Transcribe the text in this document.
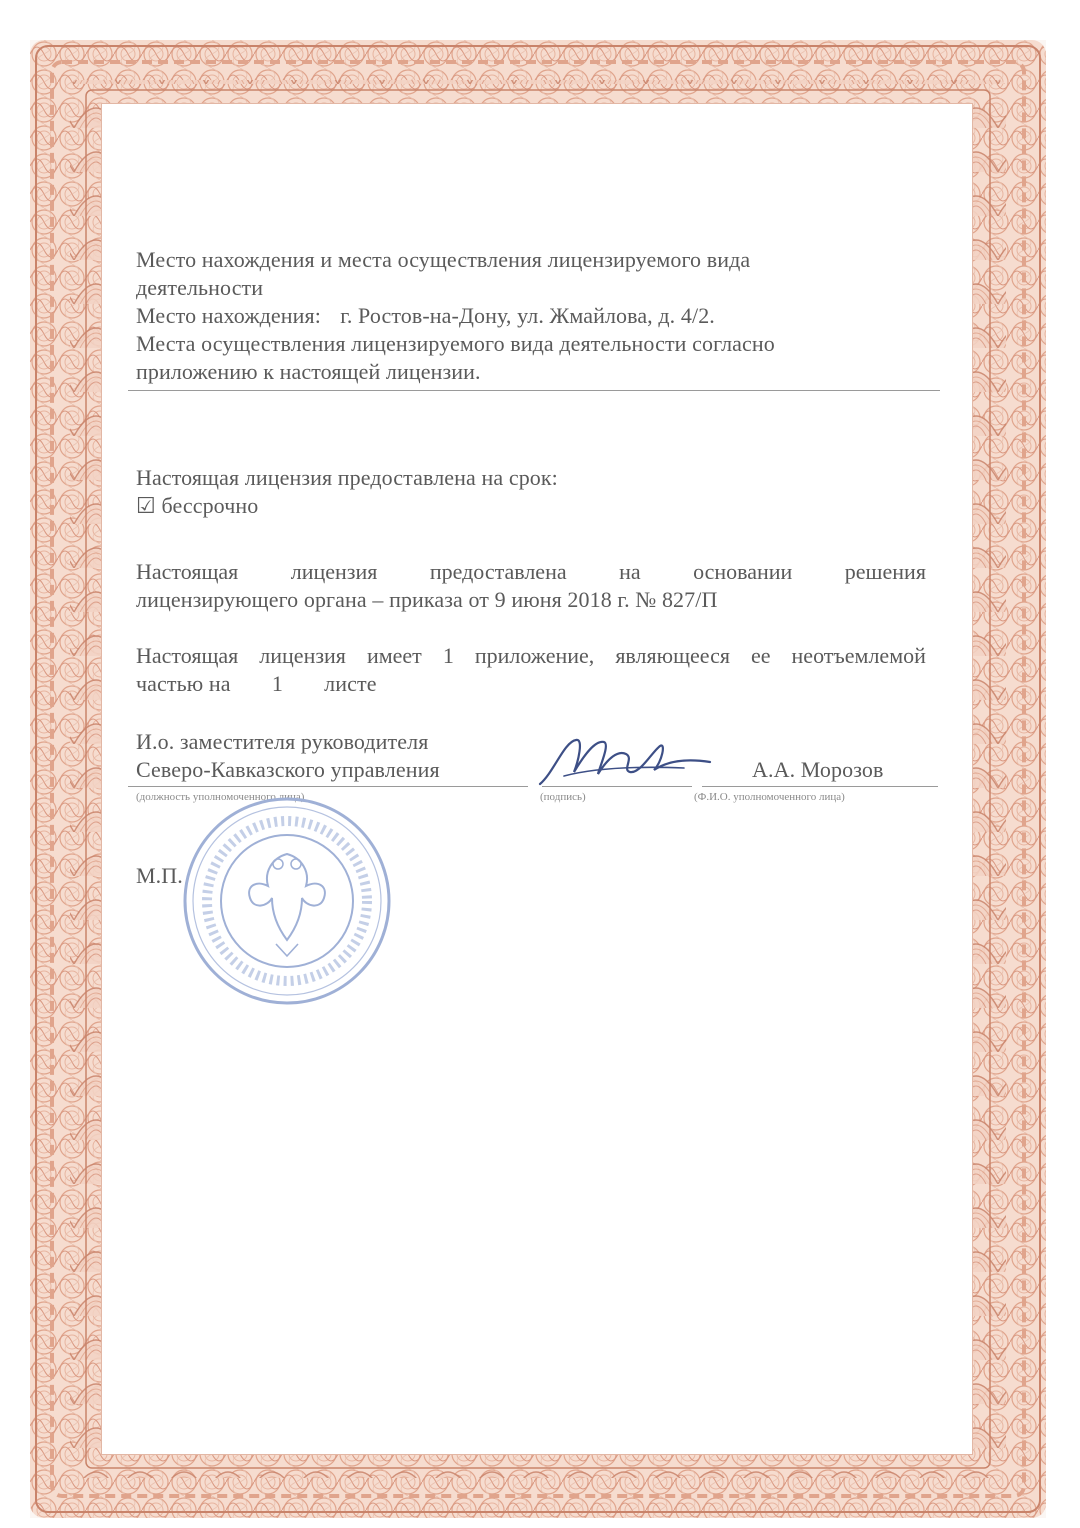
Место нахождения и места осуществления лицензируемого вида
деятельности
Место нахождения: г. Ростов-на-Дону, ул. Жмайлова, д. 4/2.
Места осуществления лицензируемого вида деятельности согласно
приложению к настоящей лицензии.
Настоящая лицензия предоставлена на срок:
☑ бессрочно
Настоящая лицензия предоставлена на основании решения
лицензирующего органа – приказа от 9 июня 2018 г. № 827/П
Настоящая лицензия имеет 1 приложение, являющееся ее неотъемлемой
частью на 1 листе
И.о. заместителя руководителя
Северо-Кавказского управления	А.А. Морозов
(должность уполномоченного лица)	(подпись)	(Ф.И.О. уполномоченного лица)
М.П.
